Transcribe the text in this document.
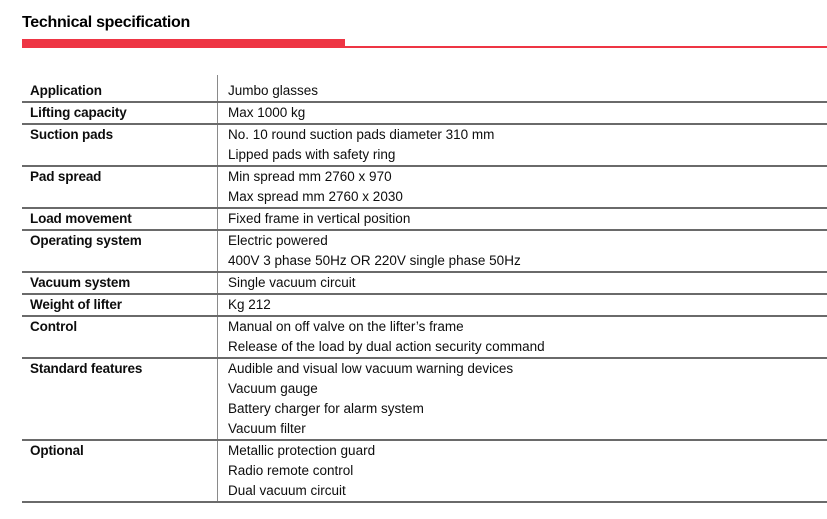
Technical specification
Application	Jumbo glasses
Lifting capacity	Max 1000 kg
Suction pads	No. 10 round suction pads diameter 310 mm
Lipped pads with safety ring
Pad spread	Min spread mm 2760 x 970
Max spread mm 2760 x 2030
Load movement	Fixed frame in vertical position
Operating system	Electric powered
400V 3 phase 50Hz OR 220V single phase 50Hz
Vacuum system	Single vacuum circuit
Weight of lifter	Kg 212
Control	Manual on off valve on the lifter’s frame
Release of the load by dual action security command
Standard features	Audible and visual low vacuum warning devices
Vacuum gauge
Battery charger for alarm system
Vacuum filter
Optional	Metallic protection guard
Radio remote control
Dual vacuum circuit
